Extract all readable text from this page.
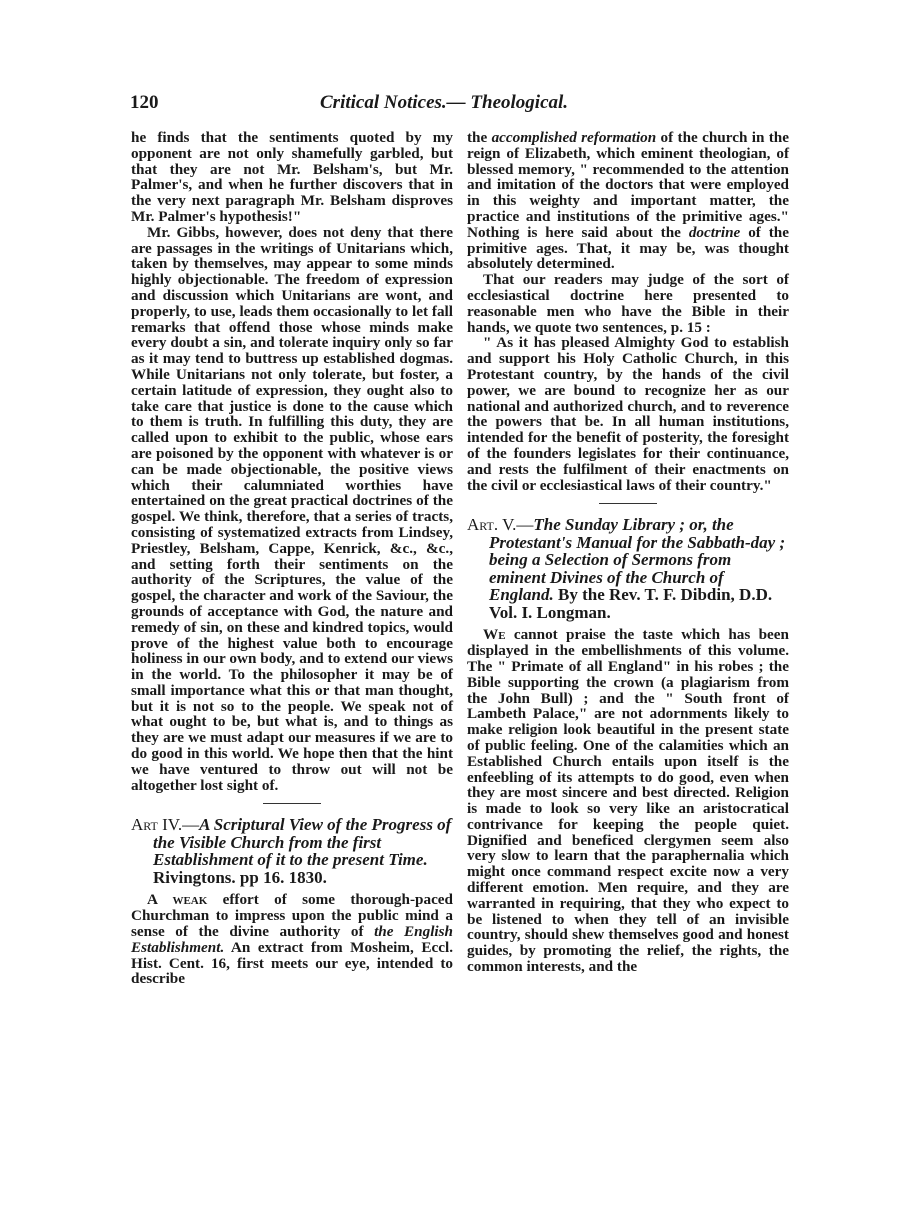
120	Critical Notices.— Theological.

he finds that the sentiments quoted by my opponent are not only shamefully garbled, but that they are not Mr. Belsham's, but Mr. Palmer's, and when he further discovers that in the very next paragraph Mr. Belsham disproves Mr. Palmer's hypothesis!"

Mr. Gibbs, however, does not deny that there are passages in the writings of Unitarians which, taken by themselves, may appear to some minds highly objectionable. The freedom of expression and discussion which Unitarians are wont, and properly, to use, leads them occasionally to let fall remarks that offend those whose minds make every doubt a sin, and tolerate inquiry only so far as it may tend to buttress up established dogmas. While Unitarians not only tolerate, but foster, a certain latitude of expression, they ought also to take care that justice is done to the cause which to them is truth. In fulfilling this duty, they are called upon to exhibit to the public, whose ears are poisoned by the opponent with whatever is or can be made objectionable, the positive views which their calumniated worthies have entertained on the great practical doctrines of the gospel. We think, therefore, that a series of tracts, consisting of systematized extracts from Lindsey, Priestley, Belsham, Cappe, Kenrick, &c., &c., and setting forth their sentiments on the authority of the Scriptures, the value of the gospel, the character and work of the Saviour, the grounds of acceptance with God, the nature and remedy of sin, on these and kindred topics, would prove of the highest value both to encourage holiness in our own body, and to extend our views in the world. To the philosopher it may be of small importance what this or that man thought, but it is not so to the people. We speak not of what ought to be, but what is, and to things as they are we must adapt our measures if we are to do good in this world. We hope then that the hint we have ventured to throw out will not be altogether lost sight of.

Art IV.—A Scriptural View of the Progress of the Visible Church from the first Establishment of it to the present Time. Rivingtons. pp 16. 1830.

A weak effort of some thorough-paced Churchman to impress upon the public mind a sense of the divine authority of the English Establishment. An extract from Mosheim, Eccl. Hist. Cent. 16, first meets our eye, intended to describe

the accomplished reformation of the church in the reign of Elizabeth, which eminent theologian, of blessed memory, " recommended to the attention and imitation of the doctors that were employed in this weighty and important matter, the practice and institutions of the primitive ages." Nothing is here said about the doctrine of the primitive ages. That, it may be, was thought absolutely determined.

That our readers may judge of the sort of ecclesiastical doctrine here presented to reasonable men who have the Bible in their hands, we quote two sentences, p. 15 :

" As it has pleased Almighty God to establish and support his Holy Catholic Church, in this Protestant country, by the hands of the civil power, we are bound to recognize her as our national and authorized church, and to reverence the powers that be. In all human institutions, intended for the benefit of posterity, the foresight of the founders legislates for their continuance, and rests the fulfilment of their enactments on the civil or ecclesiastical laws of their country."

Art. V.—The Sunday Library ; or, the Protestant's Manual for the Sabbath-day ; being a Selection of Sermons from eminent Divines of the Church of England. By the Rev. T. F. Dibdin, D.D. Vol. I. Longman.

We cannot praise the taste which has been displayed in the embellishments of this volume. The " Primate of all England" in his robes ; the Bible supporting the crown (a plagiarism from the John Bull) ; and the " South front of Lambeth Palace," are not adornments likely to make religion look beautiful in the present state of public feeling. One of the calamities which an Established Church entails upon itself is the enfeebling of its attempts to do good, even when they are most sincere and best directed. Religion is made to look so very like an aristocratical contrivance for keeping the people quiet. Dignified and beneficed clergymen seem also very slow to learn that the paraphernalia which might once command respect excite now a very different emotion. Men require, and they are warranted in requiring, that they who expect to be listened to when they tell of an invisible country, should shew themselves good and honest guides, by promoting the relief, the rights, the common interests, and the
